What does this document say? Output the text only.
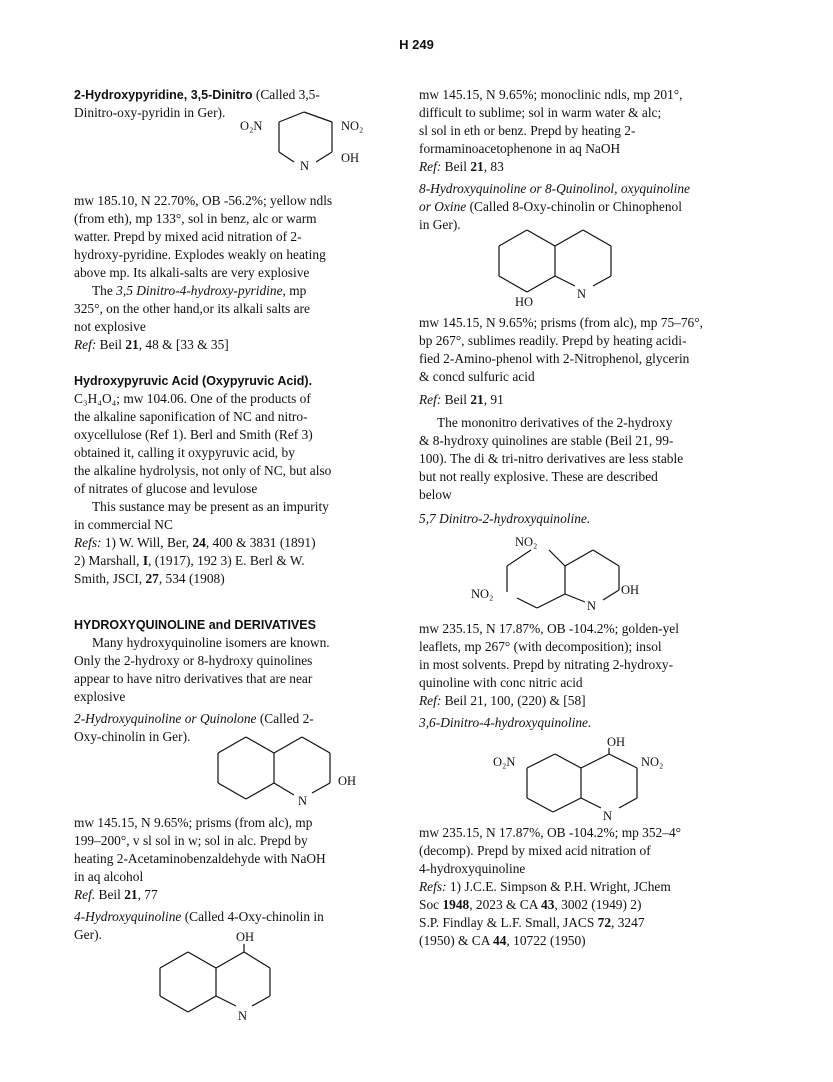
H 249
2-Hydroxypyridine, 3,5-Dinitro (Called 3,5-
Dinitro-oxy-pyridin in Ger).
O₂N	NO₂
N
OH
mw 185.10, N 22.70%, OB -56.2%; yellow ndls
(from eth), mp 133°, sol in benz, alc or warm
watter. Prepd by mixed acid nitration of 2-
hydroxy-pyridine. Explodes weakly on heating
above mp. Its alkali-salts are very explosive
The 3,5 Dinitro-4-hydroxy-pyridine, mp
325°, on the other hand,or its alkali salts are
not explosive
Ref: Beil 21, 48 & [33 & 35]
Hydroxypyruvic Acid (Oxypyruvic Acid).
C₃H₄O₄; mw 104.06. One of the products of
the alkaline saponification of NC and nitro-
oxycellulose (Ref 1). Berl and Smith (Ref 3)
obtained it, calling it oxypyruvic acid, by
the alkaline hydrolysis, not only of NC, but also
of nitrates of glucose and levulose
This sustance may be present as an impurity
in commercial NC
Refs: 1) W. Will, Ber, 24, 400 & 3831 (1891)
2) Marshall, I, (1917), 192 3) E. Berl & W.
Smith, JSCI, 27, 534 (1908)
HYDROXYQUINOLINE and DERIVATIVES
Many hydroxyquinoline isomers are known.
Only the 2-hydroxy or 8-hydroxy quinolines
appear to have nitro derivatives that are near
explosive
2-Hydroxyquinoline or Quinolone (Called 2-
Oxy-chinolin in Ger).
OH
N
mw 145.15, N 9.65%; prisms (from alc), mp
199–200°, v sl sol in w; sol in alc. Prepd by
heating 2-Acetaminobenzaldehyde with NaOH
in aq alcohol
Ref. Beil 21, 77
4-Hydroxyquinoline (Called 4-Oxy-chinolin in
Ger).	OH
N
mw 145.15, N 9.65%; monoclinic ndls, mp 201°,
difficult to sublime; sol in warm water & alc;
sl sol in eth or benz. Prepd by heating 2-
formaminoacetophenone in aq NaOH
Ref: Beil 21, 83
8-Hydroxyquinoline or 8-Quinolinol, oxyquinoline
or Oxine (Called 8-Oxy-chinolin or Chinophenol
in Ger).
HO
N
mw 145.15, N 9.65%; prisms (from alc), mp 75–76°,
bp 267°, sublimes readily. Prepd by heating acidi-
fied 2-Amino-phenol with 2-Nitrophenol, glycerin
& concd sulfuric acid
Ref: Beil 21, 91
The mononitro derivatives of the 2-hydroxy
& 8-hydroxy quinolines are stable (Beil 21, 99-
100). The di & tri-nitro derivatives are less stable
but not really explosive. These are described
below
5,7 Dinitro-2-hydroxyquinoline.
NO₂
NO₂
N
OH
mw 235.15, N 17.87%, OB -104.2%; golden-yel
leaflets, mp 267° (with decomposition); insol
in most solvents. Prepd by nitrating 2-hydroxy-
quinoline with conc nitric acid
Ref: Beil 21, 100, (220) & [58]
3,6-Dinitro-4-hydroxyquinoline.
OH
O₂N	NO₂
N
mw 235.15, N 17.87%, OB -104.2%; mp 352–4°
(decomp). Prepd by mixed acid nitration of
4-hydroxyquinoline
Refs: 1) J.C.E. Simpson & P.H. Wright, JChem
Soc 1948, 2023 & CA 43, 3002 (1949) 2)
S.P. Findlay & L.F. Small, JACS 72, 3247
(1950) & CA 44, 10722 (1950)
